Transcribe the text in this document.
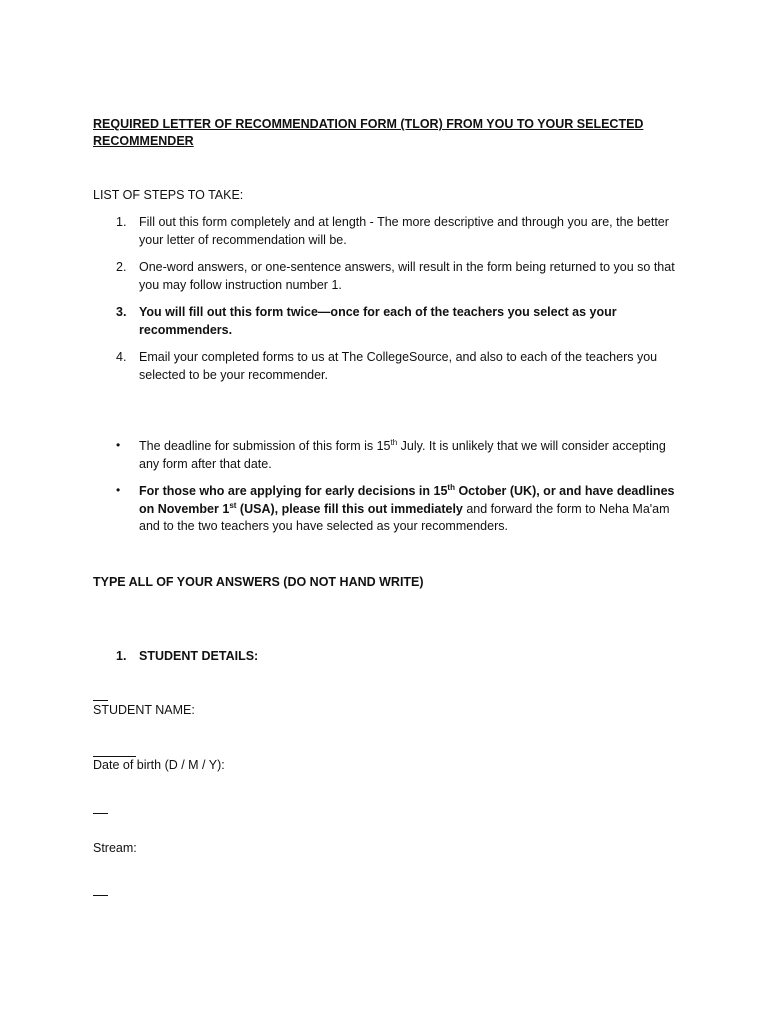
REQUIRED LETTER OF RECOMMENDATION FORM (TLOR) FROM YOU TO YOUR SELECTED
RECOMMENDER
LIST OF STEPS TO TAKE:
1. Fill out this form completely and at length - The more descriptive and through you are, the better your letter of recommendation will be.
2. One-word answers, or one-sentence answers, will result in the form being returned to you so that you may follow instruction number 1.
3. You will fill out this form twice—once for each of the teachers you select as your recommenders.
4. Email your completed forms to us at The CollegeSource, and also to each of the teachers you selected to be your recommender.
• The deadline for submission of this form is 15th July. It is unlikely that we will consider accepting any form after that date.
• For those who are applying for early decisions in 15th October (UK), or and have deadlines on November 1st (USA), please fill this out immediately and forward the form to Neha Ma'am and to the two teachers you have selected as your recommenders.
TYPE ALL OF YOUR ANSWERS (DO NOT HAND WRITE)
1. STUDENT DETAILS:
STUDENT NAME:
Date of birth (D / M / Y):
Stream:
